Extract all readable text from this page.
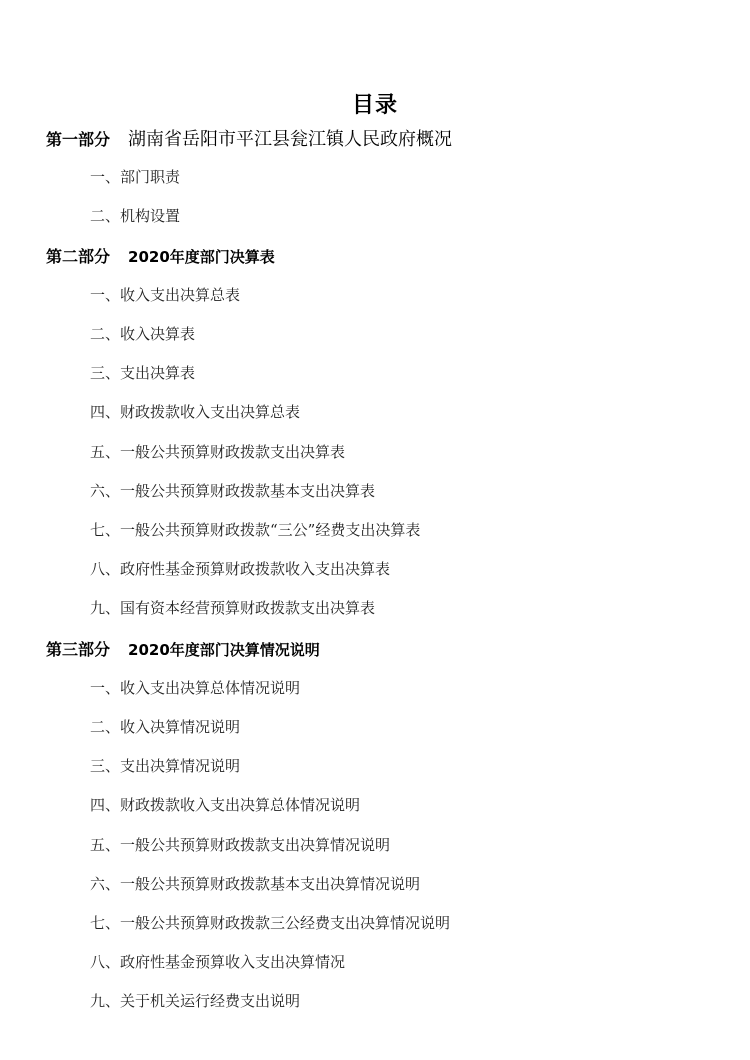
目录
第一部分 湖南省岳阳市平江县瓮江镇人民政府概况
一、部门职责
二、机构设置
第二部分 2020年度部门决算表
一、收入支出决算总表
二、收入决算表
三、支出决算表
四、财政拨款收入支出决算总表
五、一般公共预算财政拨款支出决算表
六、一般公共预算财政拨款基本支出决算表
七、一般公共预算财政拨款“三公”经费支出决算表
八、政府性基金预算财政拨款收入支出决算表
九、国有资本经营预算财政拨款支出决算表
第三部分 2020年度部门决算情况说明
一、收入支出决算总体情况说明
二、收入决算情况说明
三、支出决算情况说明
四、财政拨款收入支出决算总体情况说明
五、一般公共预算财政拨款支出决算情况说明
六、一般公共预算财政拨款基本支出决算情况说明
七、一般公共预算财政拨款三公经费支出决算情况说明
八、政府性基金预算收入支出决算情况
九、关于机关运行经费支出说明
